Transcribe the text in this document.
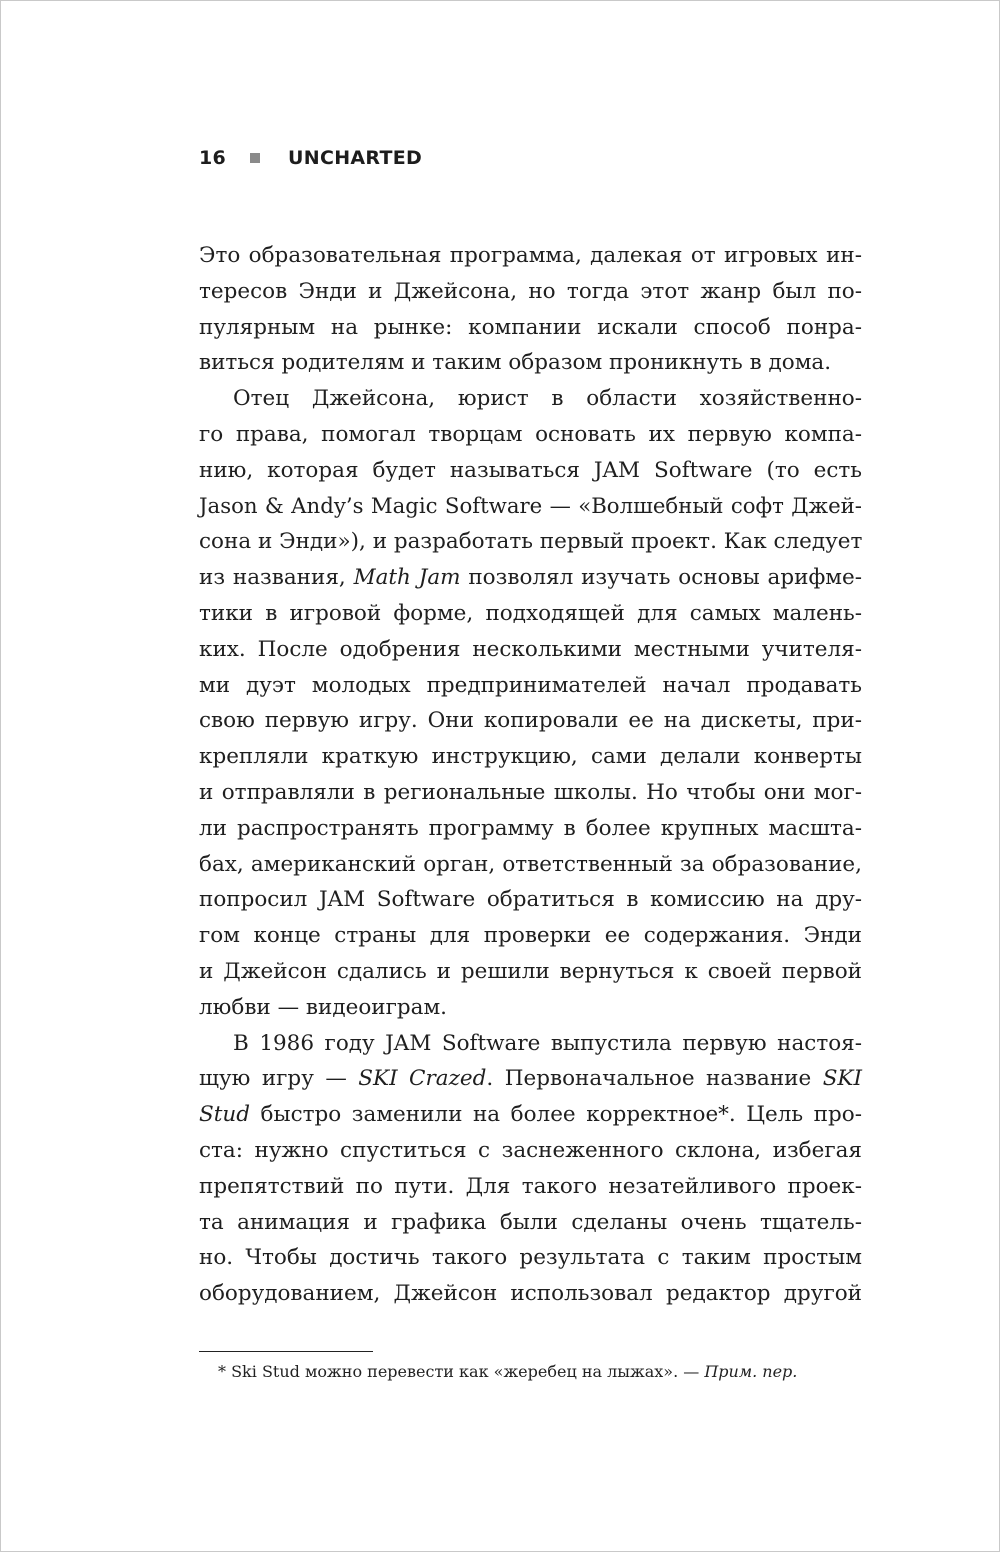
16	UNCHARTED
Это образовательная программа, далекая от игровых ин-
тересов Энди и Джейсона, но тогда этот жанр был по-
пулярным на рынке: компании искали способ понра-
виться родителям и таким образом проникнуть в дома.
Отец Джейсона, юрист в области хозяйственно-
го права, помогал творцам основать их первую компа-
нию, которая будет называться JAM Software (то есть
Jason & Andy’s Magic Software — «Волшебный софт Джей-
сона и Энди»), и разработать первый проект. Как следует
из названия, Math Jam позволял изучать основы арифме-
тики в игровой форме, подходящей для самых малень-
ких. После одобрения несколькими местными учителя-
ми дуэт молодых предпринимателей начал продавать
свою первую игру. Они копировали ее на дискеты, при-
крепляли краткую инструкцию, сами делали конверты
и отправляли в региональные школы. Но чтобы они мог-
ли распространять программу в более крупных масшта-
бах, американский орган, ответственный за образование,
попросил JAM Software обратиться в комиссию на дру-
гом конце страны для проверки ее содержания. Энди
и Джейсон сдались и решили вернуться к своей первой
любви — видеоиграм.
В 1986 году JAM Software выпустила первую настоя-
щую игру — SKI Crazed. Первоначальное название SKI
Stud быстро заменили на более корректное*. Цель про-
ста: нужно спуститься с заснеженного склона, избегая
препятствий по пути. Для такого незатейливого проек-
та анимация и графика были сделаны очень тщатель-
но. Чтобы достичь такого результата с таким простым
оборудованием, Джейсон использовал редактор другой
* Ski Stud можно перевести как «жеребец на лыжах». — Прим. пер.
